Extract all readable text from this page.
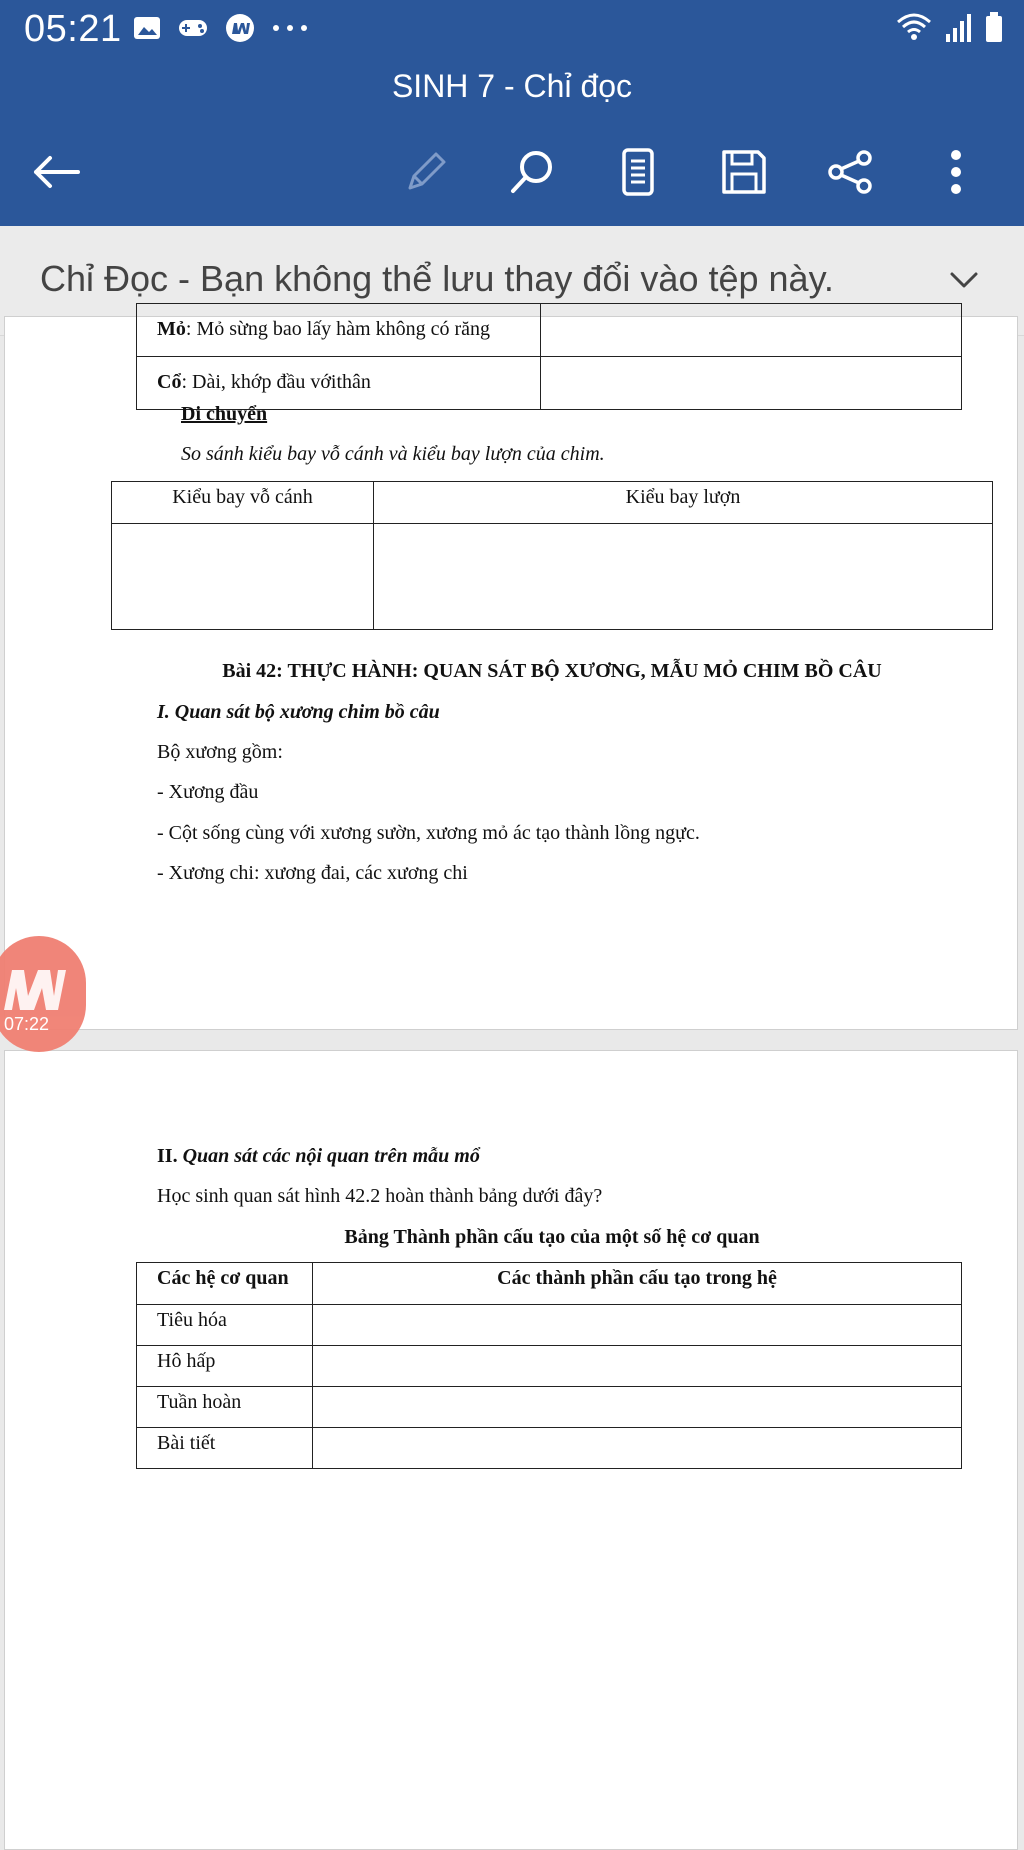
05:21
SINH 7 - Chỉ đọc
Chỉ Đọc - Bạn không thể lưu thay đổi vào tệp này.
Mỏ: Mỏ sừng bao lấy hàm không có răng	
Cổ: Dài, khớp đầu vớithân	
Di chuyển
So sánh kiểu bay vỗ cánh và kiểu bay lượn của chim.
Kiểu bay vỗ cánh	Kiểu bay lượn

Bài 42: THỰC HÀNH: QUAN SÁT BỘ XƯƠNG, MẪU MỎ CHIM BỒ CÂU
I. Quan sát bộ xương chim bồ câu
Bộ xương gồm:
- Xương đầu
- Cột sống cùng với xương sườn, xương mỏ ác tạo thành lồng ngực.
- Xương chi: xương đai, các xương chi
II. Quan sát các nội quan trên mẫu mổ
Học sinh quan sát hình 42.2 hoàn thành bảng dưới đây?
Bảng Thành phần cấu tạo của một số hệ cơ quan
Các hệ cơ quan	Các thành phần cấu tạo trong hệ
Tiêu hóa	
Hô hấp	
Tuần hoàn	
Bài tiết	
07:22
